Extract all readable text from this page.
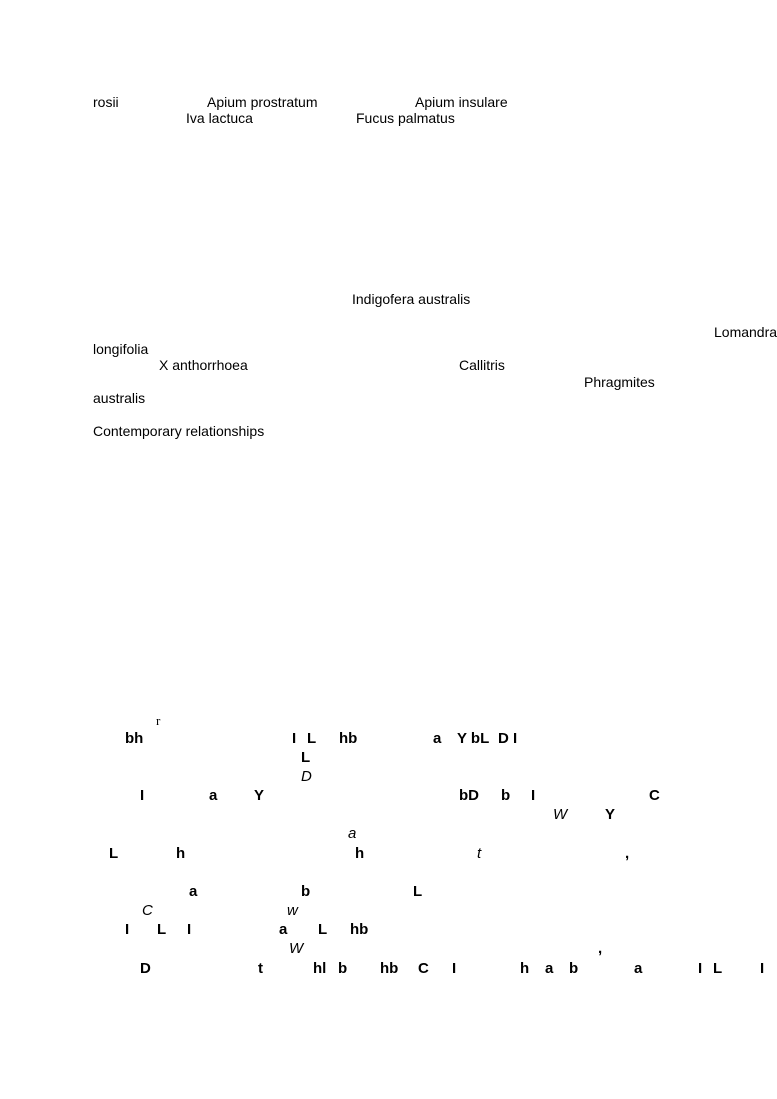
rosii	Apium prostratum	Apium insulare
Iva lactuca	Fucus palmatus
Indigofera australis
Lomandra
longifolia
X anthorrhoea	Callitris
Phragmites
australis
Contemporary relationships
r
bh	I L hb	a Y bL D I
L
D
I	a Y	bD b I	C
W	Y
a
L	h	h	t	,
a	b	L
C	w
I L I	a L hb
W	,
D	t	hl b hb C I	h a b	a	I L	I
